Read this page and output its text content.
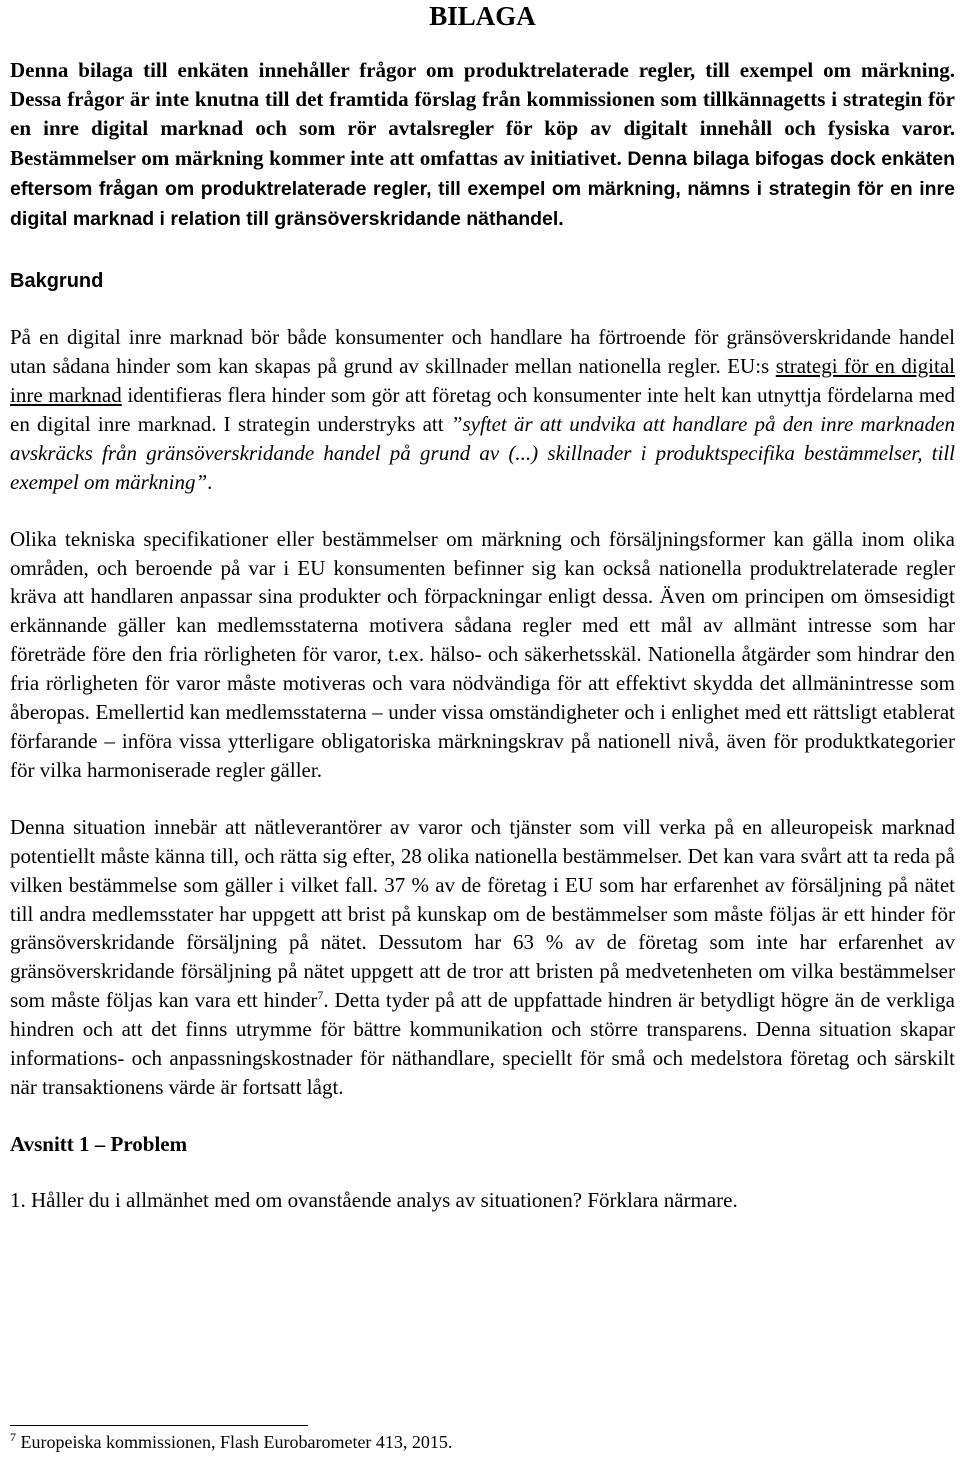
BILAGA

Denna bilaga till enkäten innehåller frågor om produktrelaterade regler, till exempel om märkning. Dessa frågor är inte knutna till det framtida förslag från kommissionen som tillkännagetts i strategin för en inre digital marknad och som rör avtalsregler för köp av digitalt innehåll och fysiska varor. Bestämmelser om märkning kommer inte att omfattas av initiativet. Denna bilaga bifogas dock enkäten eftersom frågan om produktrelaterade regler, till exempel om märkning, nämns i strategin för en inre digital marknad i relation till gränsöverskridande näthandel.

Bakgrund

På en digital inre marknad bör både konsumenter och handlare ha förtroende för gränsöverskridande handel utan sådana hinder som kan skapas på grund av skillnader mellan nationella regler. EU:s strategi för en digital inre marknad identifieras flera hinder som gör att företag och konsumenter inte helt kan utnyttja fördelarna med en digital inre marknad. I strategin understryks att ”syftet är att undvika att handlare på den inre marknaden avskräcks från gränsöverskridande handel på grund av (...) skillnader i produktspecifika bestämmelser, till exempel om märkning”.

Olika tekniska specifikationer eller bestämmelser om märkning och försäljningsformer kan gälla inom olika områden, och beroende på var i EU konsumenten befinner sig kan också nationella produktrelaterade regler kräva att handlaren anpassar sina produkter och förpackningar enligt dessa. Även om principen om ömsesidigt erkännande gäller kan medlemsstaterna motivera sådana regler med ett mål av allmänt intresse som har företräde före den fria rörligheten för varor, t.ex. hälso- och säkerhetsskäl. Nationella åtgärder som hindrar den fria rörligheten för varor måste motiveras och vara nödvändiga för att effektivt skydda det allmänintresse som åberopas. Emellertid kan medlemsstaterna – under vissa omständigheter och i enlighet med ett rättsligt etablerat förfarande – införa vissa ytterligare obligatoriska märkningskrav på nationell nivå, även för produktkategorier för vilka harmoniserade regler gäller.

Denna situation innebär att nätleverantörer av varor och tjänster som vill verka på en alleuropeisk marknad potentiellt måste känna till, och rätta sig efter, 28 olika nationella bestämmelser. Det kan vara svårt att ta reda på vilken bestämmelse som gäller i vilket fall. 37 % av de företag i EU som har erfarenhet av försäljning på nätet till andra medlemsstater har uppgett att brist på kunskap om de bestämmelser som måste följas är ett hinder för gränsöverskridande försäljning på nätet. Dessutom har 63 % av de företag som inte har erfarenhet av gränsöverskridande försäljning på nätet uppgett att de tror att bristen på medvetenheten om vilka bestämmelser som måste följas kan vara ett hinder$^7$. Detta tyder på att de uppfattade hindren är betydligt högre än de verkliga hindren och att det finns utrymme för bättre kommunikation och större transparens. Denna situation skapar informations- och anpassningskostnader för näthandlare, speciellt för små och medelstora företag och särskilt när transaktionens värde är fortsatt lågt.

Avsnitt 1 – Problem

1. Håller du i allmänhet med om ovanstående analys av situationen? Förklara närmare.

$^7$ Europeiska kommissionen, Flash Eurobarometer 413, 2015.
